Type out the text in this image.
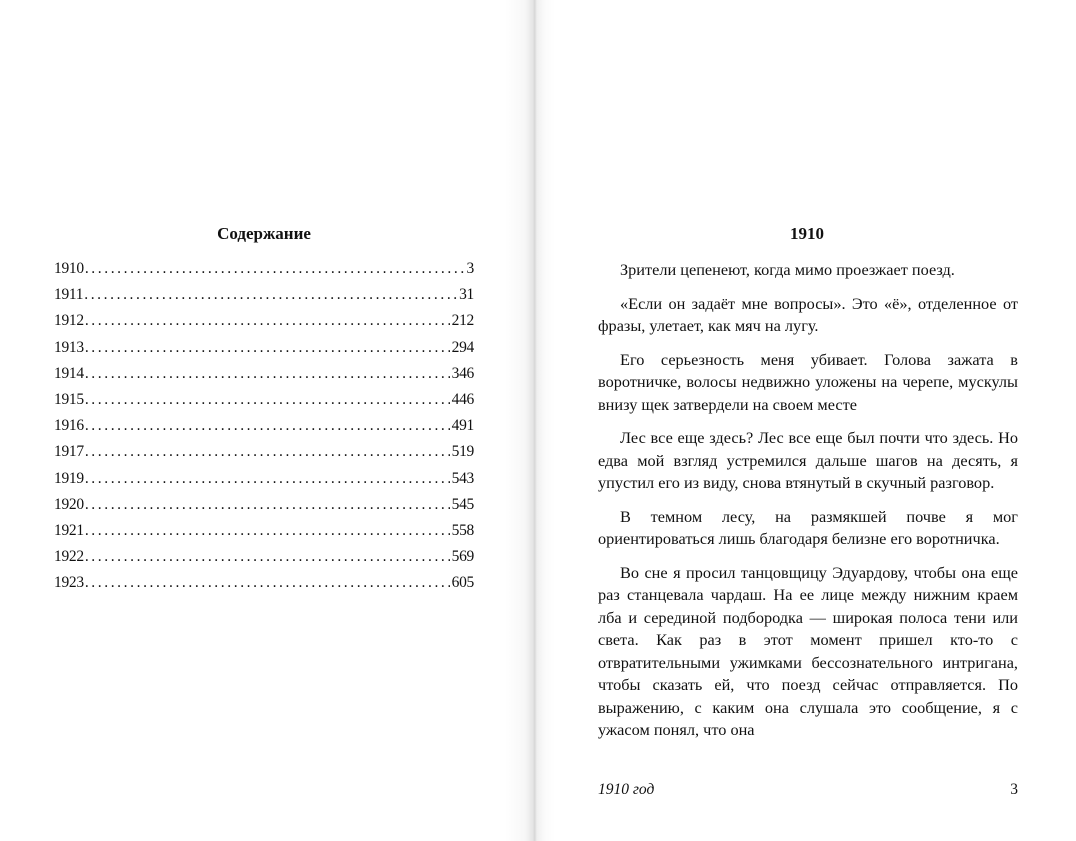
Содержание
1910 .....	3
1911 .....	31
1912 .....	212
1913 .....	294
1914 .....	346
1915 .....	446
1916 .....	491
1917 .....	519
1919 .....	543
1920 .....	545
1921 .....	558
1922 .....	569
1923 .....	605
1910

Зрители цепенеют, когда мимо проезжает поезд.

«Если он задаёт мне вопросы». Это «ё», отделенное от фразы, улетает, как мяч на лугу.

Его серьезность меня убивает. Голова зажата в воротничке, волосы недвижно уложены на черепе, мускулы внизу щек затвердели на своем месте

Лес все еще здесь? Лес все еще был почти что здесь. Но едва мой взгляд устремился дальше шагов на десять, я упустил его из виду, снова втянутый в скучный разговор.

В темном лесу, на размякшей почве я мог ориентироваться лишь благодаря белизне его воротничка.

Во сне я просил танцовщицу Эдуардову, чтобы она еще раз станцевала чардаш. На ее лице между нижним краем лба и серединой подбородка — широкая полоса тени или света. Как раз в этот момент пришел кто-то с отвратительными ужимками бессознательного интригана, чтобы сказать ей, что поезд сейчас отправляется. По выражению, с каким она слушала это сообщение, я с ужасом понял, что она

1910 год	3
